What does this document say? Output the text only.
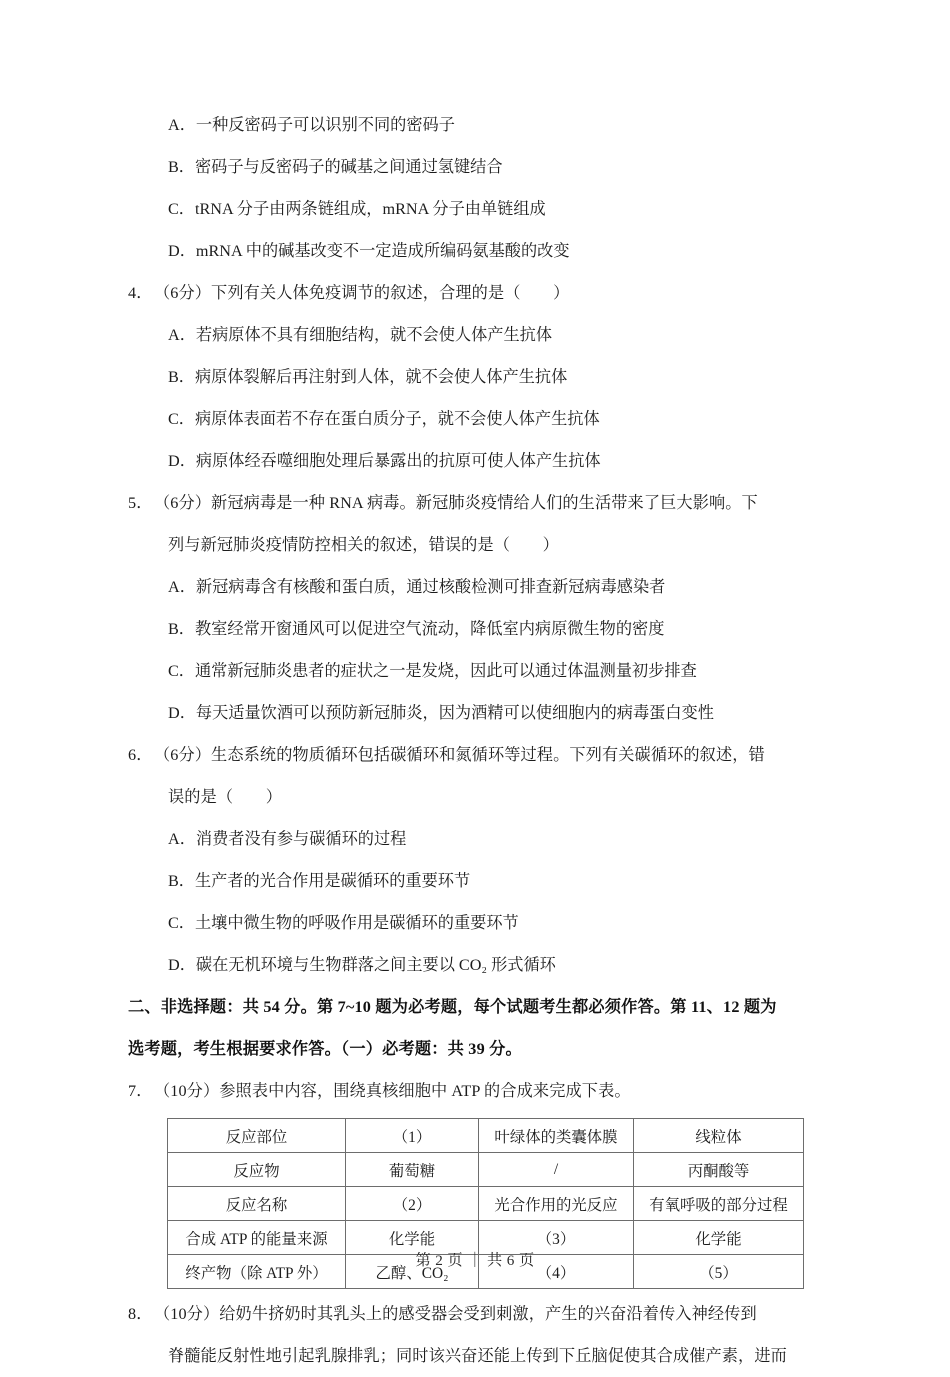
A．一种反密码子可以识别不同的密码子
B．密码子与反密码子的碱基之间通过氢键结合
C．tRNA 分子由两条链组成，mRNA 分子由单链组成
D．mRNA 中的碱基改变不一定造成所编码氨基酸的改变
4．（6分）下列有关人体免疫调节的叙述，合理的是（　　）
A．若病原体不具有细胞结构，就不会使人体产生抗体
B．病原体裂解后再注射到人体，就不会使人体产生抗体
C．病原体表面若不存在蛋白质分子，就不会使人体产生抗体
D．病原体经吞噬细胞处理后暴露出的抗原可使人体产生抗体
5．（6分）新冠病毒是一种 RNA 病毒。新冠肺炎疫情给人们的生活带来了巨大影响。下
列与新冠肺炎疫情防控相关的叙述，错误的是（　　）
A．新冠病毒含有核酸和蛋白质，通过核酸检测可排查新冠病毒感染者
B．教室经常开窗通风可以促进空气流动，降低室内病原微生物的密度
C．通常新冠肺炎患者的症状之一是发烧，因此可以通过体温测量初步排查
D．每天适量饮酒可以预防新冠肺炎，因为酒精可以使细胞内的病毒蛋白变性
6．（6分）生态系统的物质循环包括碳循环和氮循环等过程。下列有关碳循环的叙述，错
误的是（　　）
A．消费者没有参与碳循环的过程
B．生产者的光合作用是碳循环的重要环节
C．土壤中微生物的呼吸作用是碳循环的重要环节
D．碳在无机环境与生物群落之间主要以 CO₂ 形式循环
二、非选择题：共 54 分。第 7~10 题为必考题，每个试题考生都必须作答。第 11、12 题为
选考题，考生根据要求作答。（一）必考题：共 39 分。
7．（10分）参照表中内容，围绕真核细胞中 ATP 的合成来完成下表。
反应部位	（1）	叶绿体的类囊体膜	线粒体
反应物	葡萄糖	/	丙酮酸等
反应名称	（2）	光合作用的光反应	有氧呼吸的部分过程
合成 ATP 的能量来源	化学能	（3）	化学能
终产物（除 ATP 外）	乙醇、CO₂	（4）	（5）
8．（10分）给奶牛挤奶时其乳头上的感受器会受到刺激，产生的兴奋沿着传入神经传到
脊髓能反射性地引起乳腺排乳；同时该兴奋还能上传到下丘脑促使其合成催产素，进而
第 2 页 ｜ 共 6 页
